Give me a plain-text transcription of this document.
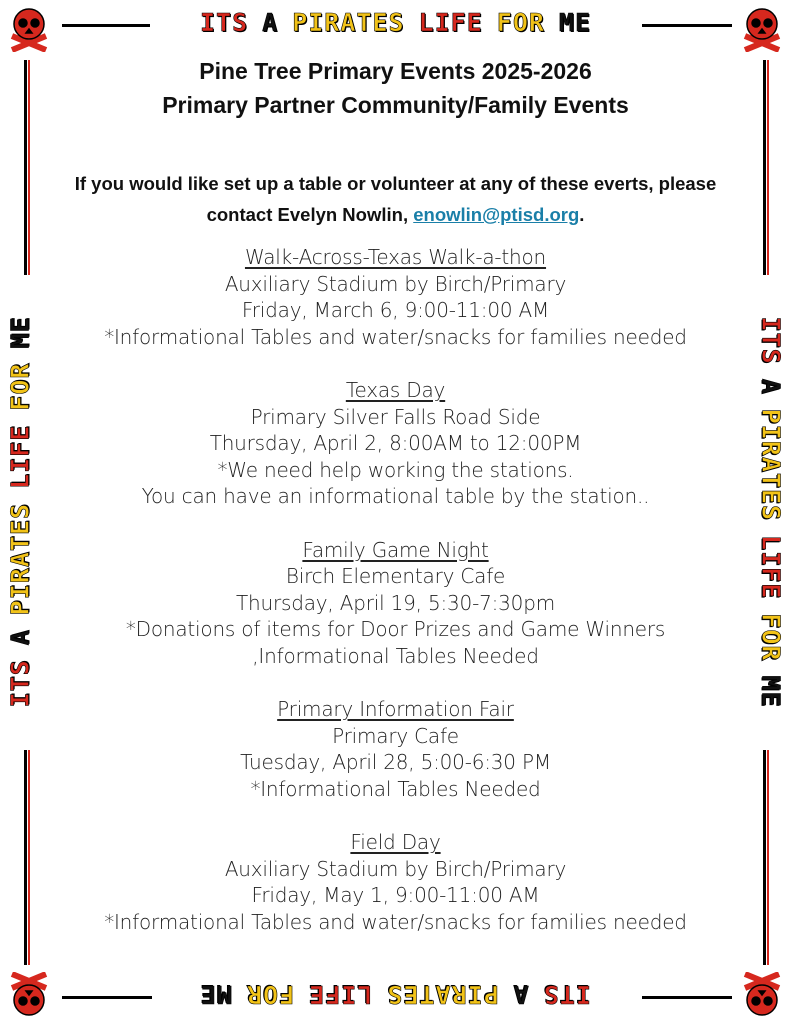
ITS A PIRATES LIFE FOR ME
ITSAPIRATESLIFEFORME
ITSAPIRATESLIFEFORME	ITSAPIRATESLIFEFORME
Pine Tree Primary Events 2025-2026
Primary Partner Community/Family Events
If you would like set up a table or volunteer at any of these everts, please
contact Evelyn Nowlin, enowlin@ptisd.org.
Walk-Across-Texas Walk-a-thon
Auxiliary Stadium by Birch/Primary
Friday, March 6, 9:00-11:00 AM
*Informational Tables and water/snacks for families needed
Texas Day
Primary Silver Falls Road Side
Thursday, April 2, 8:00AM to 12:00PM
*We need help working the stations.
You can have an informational table by the station..
Family Game Night
Birch Elementary Cafe
Thursday, April 19, 5:30-7:30pm
*Donations of items for Door Prizes and Game Winners
,Informational Tables Needed
Primary Information Fair
Primary Cafe
Tuesday, April 28, 5:00-6:30 PM
*Informational Tables Needed
Field Day
Auxiliary Stadium by Birch/Primary
Friday, May 1, 9:00-11:00 AM
*Informational Tables and water/snacks for families needed
